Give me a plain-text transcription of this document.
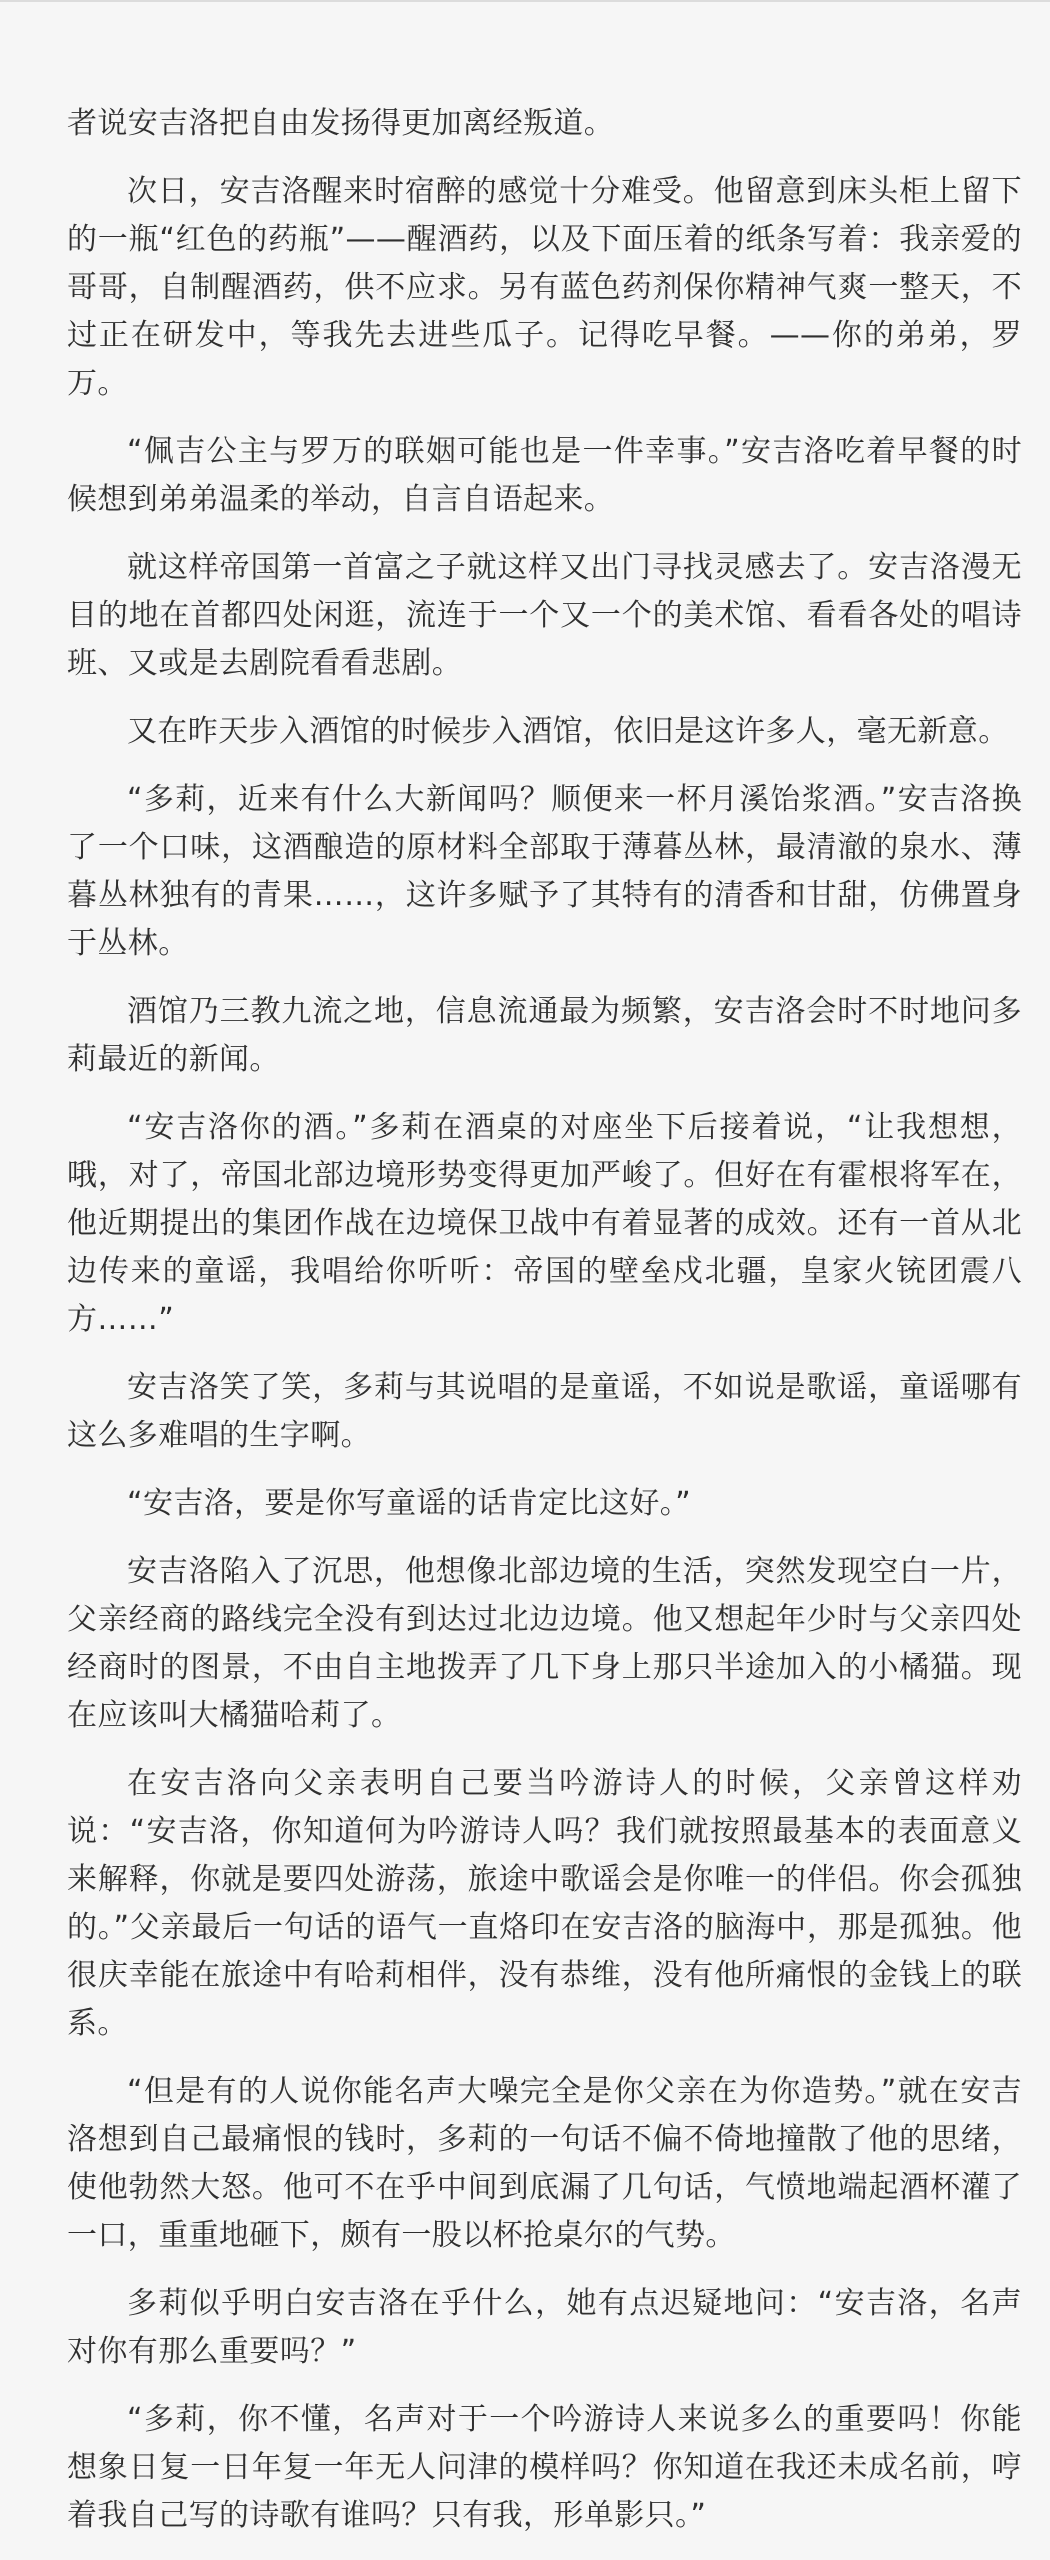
者说安吉洛把自由发扬得更加离经叛道。

次日，安吉洛醒来时宿醉的感觉十分难受。他留意到床头柜上留下的一瓶“红色的药瓶”——醒酒药，以及下面压着的纸条写着：我亲爱的哥哥，自制醒酒药，供不应求。另有蓝色药剂保你精神气爽一整天，不过正在研发中，等我先去进些瓜子。记得吃早餐。——你的弟弟，罗万。

“佩吉公主与罗万的联姻可能也是一件幸事。”安吉洛吃着早餐的时候想到弟弟温柔的举动，自言自语起来。

就这样帝国第一首富之子就这样又出门寻找灵感去了。安吉洛漫无目的地在首都四处闲逛，流连于一个又一个的美术馆、看看各处的唱诗班、又或是去剧院看看悲剧。

又在昨天步入酒馆的时候步入酒馆，依旧是这许多人，毫无新意。

“多莉，近来有什么大新闻吗？顺便来一杯月溪饴浆酒。”安吉洛换了一个口味，这酒酿造的原材料全部取于薄暮丛林，最清澈的泉水、薄暮丛林独有的青果……，这许多赋予了其特有的清香和甘甜，仿佛置身于丛林。

酒馆乃三教九流之地，信息流通最为频繁，安吉洛会时不时地问多莉最近的新闻。

“安吉洛你的酒。”多莉在酒桌的对座坐下后接着说，“让我想想，哦，对了，帝国北部边境形势变得更加严峻了。但好在有霍根将军在，他近期提出的集团作战在边境保卫战中有着显著的成效。还有一首从北边传来的童谣，我唱给你听听：帝国的壁垒戍北疆，皇家火铳团震八方……”

安吉洛笑了笑，多莉与其说唱的是童谣，不如说是歌谣，童谣哪有这么多难唱的生字啊。

“安吉洛，要是你写童谣的话肯定比这好。”

安吉洛陷入了沉思，他想像北部边境的生活，突然发现空白一片，父亲经商的路线完全没有到达过北边边境。他又想起年少时与父亲四处经商时的图景，不由自主地拨弄了几下身上那只半途加入的小橘猫。现在应该叫大橘猫哈莉了。

在安吉洛向父亲表明自己要当吟游诗人的时候，父亲曾这样劝说：“安吉洛，你知道何为吟游诗人吗？我们就按照最基本的表面意义来解释，你就是要四处游荡，旅途中歌谣会是你唯一的伴侣。你会孤独的。”父亲最后一句话的语气一直烙印在安吉洛的脑海中，那是孤独。他很庆幸能在旅途中有哈莉相伴，没有恭维，没有他所痛恨的金钱上的联系。

“但是有的人说你能名声大噪完全是你父亲在为你造势。”就在安吉洛想到自己最痛恨的钱时，多莉的一句话不偏不倚地撞散了他的思绪，使他勃然大怒。他可不在乎中间到底漏了几句话，气愤地端起酒杯灌了一口，重重地砸下，颇有一股以杯抢桌尔的气势。

多莉似乎明白安吉洛在乎什么，她有点迟疑地问：“安吉洛，名声对你有那么重要吗？”

“多莉，你不懂，名声对于一个吟游诗人来说多么的重要吗！你能想象日复一日年复一年无人问津的模样吗？你知道在我还未成名前，哼着我自己写的诗歌有谁吗？只有我，形单影只。”
